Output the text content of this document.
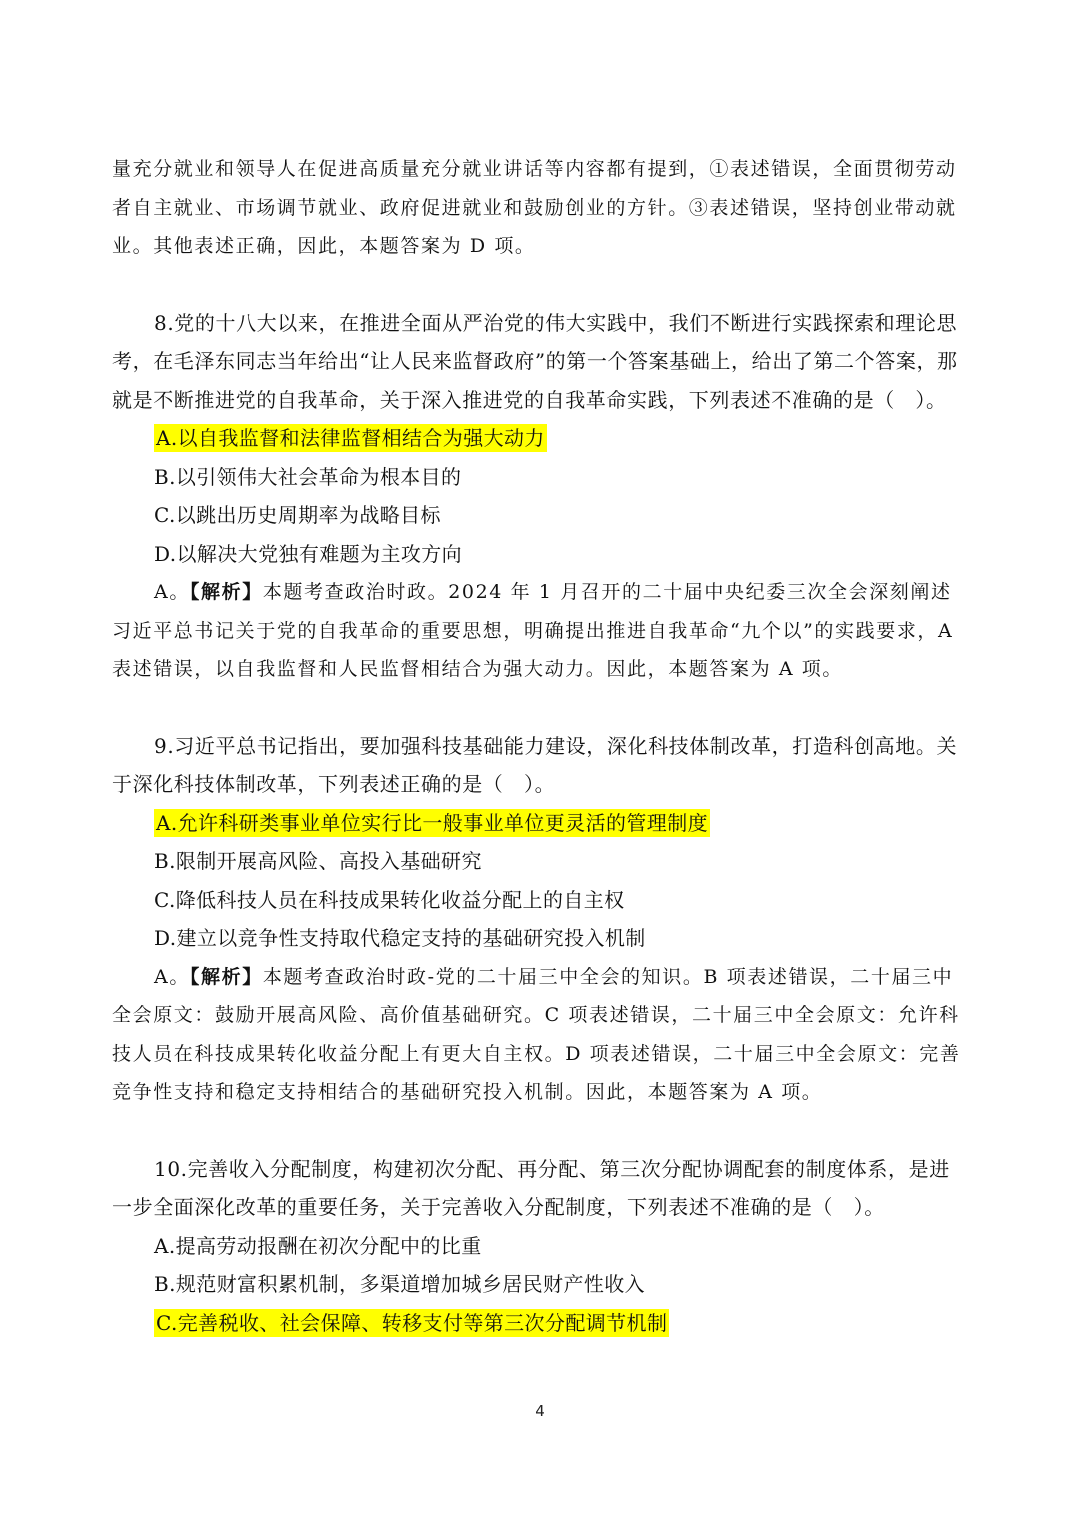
量充分就业和领导人在促进高质量充分就业讲话等内容都有提到，①表述错误，全面贯彻劳动者自主就业、市场调节就业、政府促进就业和鼓励创业的方针。③表述错误，坚持创业带动就业。其他表述正确，因此，本题答案为 D 项。

8.党的十八大以来，在推进全面从严治党的伟大实践中，我们不断进行实践探索和理论思考，在毛泽东同志当年给出“让人民来监督政府”的第一个答案基础上，给出了第二个答案，那就是不断推进党的自我革命，关于深入推进党的自我革命实践，下列表述不准确的是（　）。

A.以自我监督和法律监督相结合为强大动力

B.以引领伟大社会革命为根本目的

C.以跳出历史周期率为战略目标

D.以解决大党独有难题为主攻方向

A。【解析】本题考查政治时政。2024 年 1 月召开的二十届中央纪委三次全会深刻阐述习近平总书记关于党的自我革命的重要思想，明确提出推进自我革命“九个以”的实践要求，A 表述错误，以自我监督和人民监督相结合为强大动力。因此，本题答案为 A 项。

9.习近平总书记指出，要加强科技基础能力建设，深化科技体制改革，打造科创高地。关于深化科技体制改革，下列表述正确的是（　）。

A.允许科研类事业单位实行比一般事业单位更灵活的管理制度

B.限制开展高风险、高投入基础研究

C.降低科技人员在科技成果转化收益分配上的自主权

D.建立以竞争性支持取代稳定支持的基础研究投入机制

A。【解析】本题考查政治时政-党的二十届三中全会的知识。B 项表述错误，二十届三中全会原文：鼓励开展高风险、高价值基础研究。C 项表述错误，二十届三中全会原文：允许科技人员在科技成果转化收益分配上有更大自主权。D 项表述错误，二十届三中全会原文：完善竞争性支持和稳定支持相结合的基础研究投入机制。因此，本题答案为 A 项。

10.完善收入分配制度，构建初次分配、再分配、第三次分配协调配套的制度体系，是进一步全面深化改革的重要任务，关于完善收入分配制度，下列表述不准确的是（　）。

A.提高劳动报酬在初次分配中的比重

B.规范财富积累机制，多渠道增加城乡居民财产性收入

C.完善税收、社会保障、转移支付等第三次分配调节机制

4
